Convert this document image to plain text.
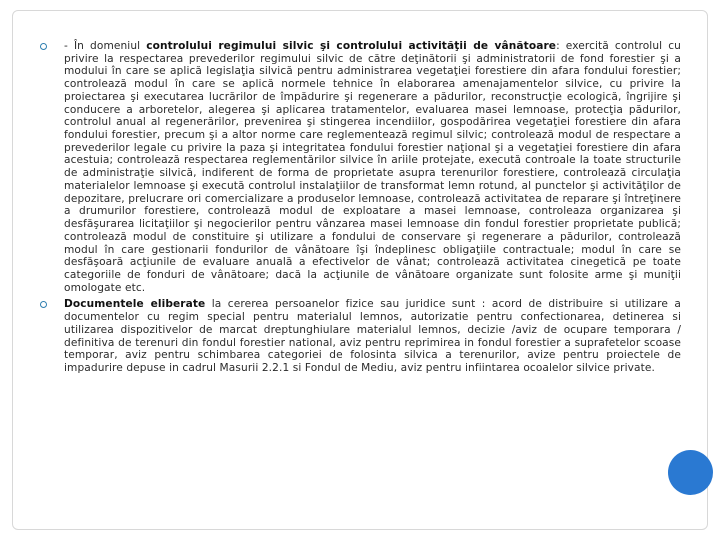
- În domeniul controlului regimului silvic şi controlului activităţii de vânătoare: exercită controlul cu privire la respectarea prevederilor regimului silvic de către deţinătorii şi administratorii de fond forestier şi a modului în care se aplică legislaţia silvică pentru administrarea vegetaţiei forestiere din afara fondului forestier; controlează modul în care se aplică normele tehnice în elaborarea amenajamentelor silvice, cu privire la proiectarea şi executarea lucrărilor de împădurire şi regenerare a pădurilor, reconstrucţie ecologică, îngrijire şi conducere a arboretelor, alegerea şi aplicarea tratamentelor, evaluarea masei lemnoase, protecţia pădurilor, controlul anual al regenerărilor, prevenirea şi stingerea incendiilor, gospodărirea vegetaţiei forestiere din afara fondului forestier, precum şi a altor norme care reglementează regimul silvic; controlează modul de respectare a prevederilor legale cu privire la paza şi integritatea fondului forestier naţional şi a vegetaţiei forestiere din afara acestuia; controlează respectarea reglementărilor silvice în ariile protejate, execută controale la toate structurile de administraţie silvică, indiferent de forma de proprietate asupra terenurilor forestiere, controlează circulaţia materialelor lemnoase şi execută controlul instalaţiilor de transformat lemn rotund, al punctelor şi activităţilor de depozitare, prelucrare ori comercializare a produselor lemnoase, controlează activitatea de reparare şi întreţinere a drumurilor forestiere, controlează modul de exploatare a masei lemnoase, controleaza organizarea şi desfăşurarea licitaţiilor şi negocierilor pentru vânzarea masei lemnoase din fondul forestier proprietate publică; controlează modul de constituire şi utilizare a fondului de conservare şi regenerare a pădurilor, controlează modul în care gestionarii fondurilor de vânătoare îşi îndeplinesc obligaţiile contractuale; modul în care se desfăşoară acţiunile de evaluare anuală a efectivelor de vânat; controlează activitatea cinegetică pe toate categoriile de fonduri de vânătoare; dacă la acţiunile de vânătoare organizate sunt folosite arme şi muniţii omologate etc.

Documentele eliberate la cererea persoanelor fizice sau juridice sunt : acord de distribuire si utilizare a documentelor cu regim special pentru materialul lemnos, autorizatie pentru confectionarea, detinerea si utilizarea dispozitivelor de marcat dreptunghiulare materialul lemnos, decizie /aviz de ocupare temporara / definitiva de terenuri din fondul forestier national, aviz pentru reprimirea in fondul forestier a suprafetelor scoase temporar, aviz pentru schimbarea categoriei de folosinta silvica a terenurilor, avize pentru proiectele de impadurire depuse in cadrul Masurii 2.2.1 si Fondul de Mediu, aviz pentru infiintarea ocoalelor silvice private.
